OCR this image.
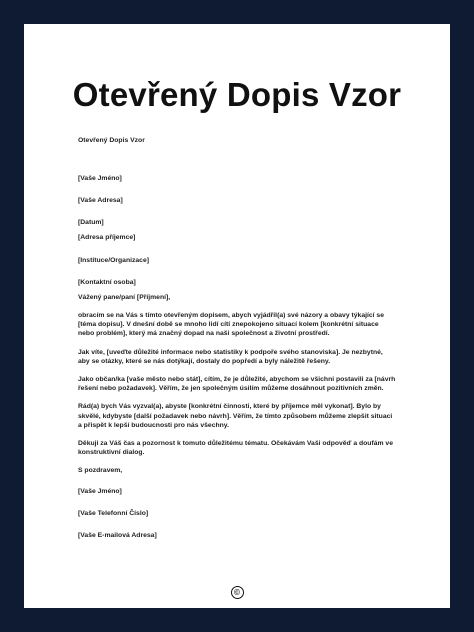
Otevřený Dopis Vzor
Otevřený Dopis Vzor
[Vaše Jméno]
[Vaše Adresa]
[Datum]
[Adresa příjemce]
[Instituce/Organizace]
[Kontaktní osoba]
Vážený pane/paní [Příjmení],
obracím se na Vás s tímto otevřeným dopisem, abych vyjádřil(a) své názory a obavy týkající se [téma dopisu]. V dnešní době se mnoho lidí cítí znepokojeno situací kolem [konkrétní situace nebo problém], který má značný dopad na naši společnost a životní prostředí.
Jak víte, [uveďte důležité informace nebo statistiky k podpoře svého stanoviska]. Je nezbytné, aby se otázky, které se nás dotýkají, dostaly do popředí a byly náležitě řešeny.
Jako občan/ka [vaše město nebo stát], cítím, že je důležité, abychom se všichni postavili za [návrh řešení nebo požadavek]. Věřím, že jen společným úsilím můžeme dosáhnout pozitivních změn.
Rád(a) bych Vás vyzval(a), abyste [konkrétní činnosti, které by příjemce měl vykonat]. Bylo by skvělé, kdybyste [další požadavek nebo návrh]. Věřím, že tímto způsobem můžeme zlepšit situaci a přispět k lepší budoucnosti pro nás všechny.
Děkuji za Váš čas a pozornost k tomuto důležitému tématu. Očekávám Vaši odpověď a doufám ve konstruktivní dialog.
S pozdravem,
[Vaše Jméno]
[Vaše Telefonní Číslo]
[Vaše E-mailová Adresa]
©
